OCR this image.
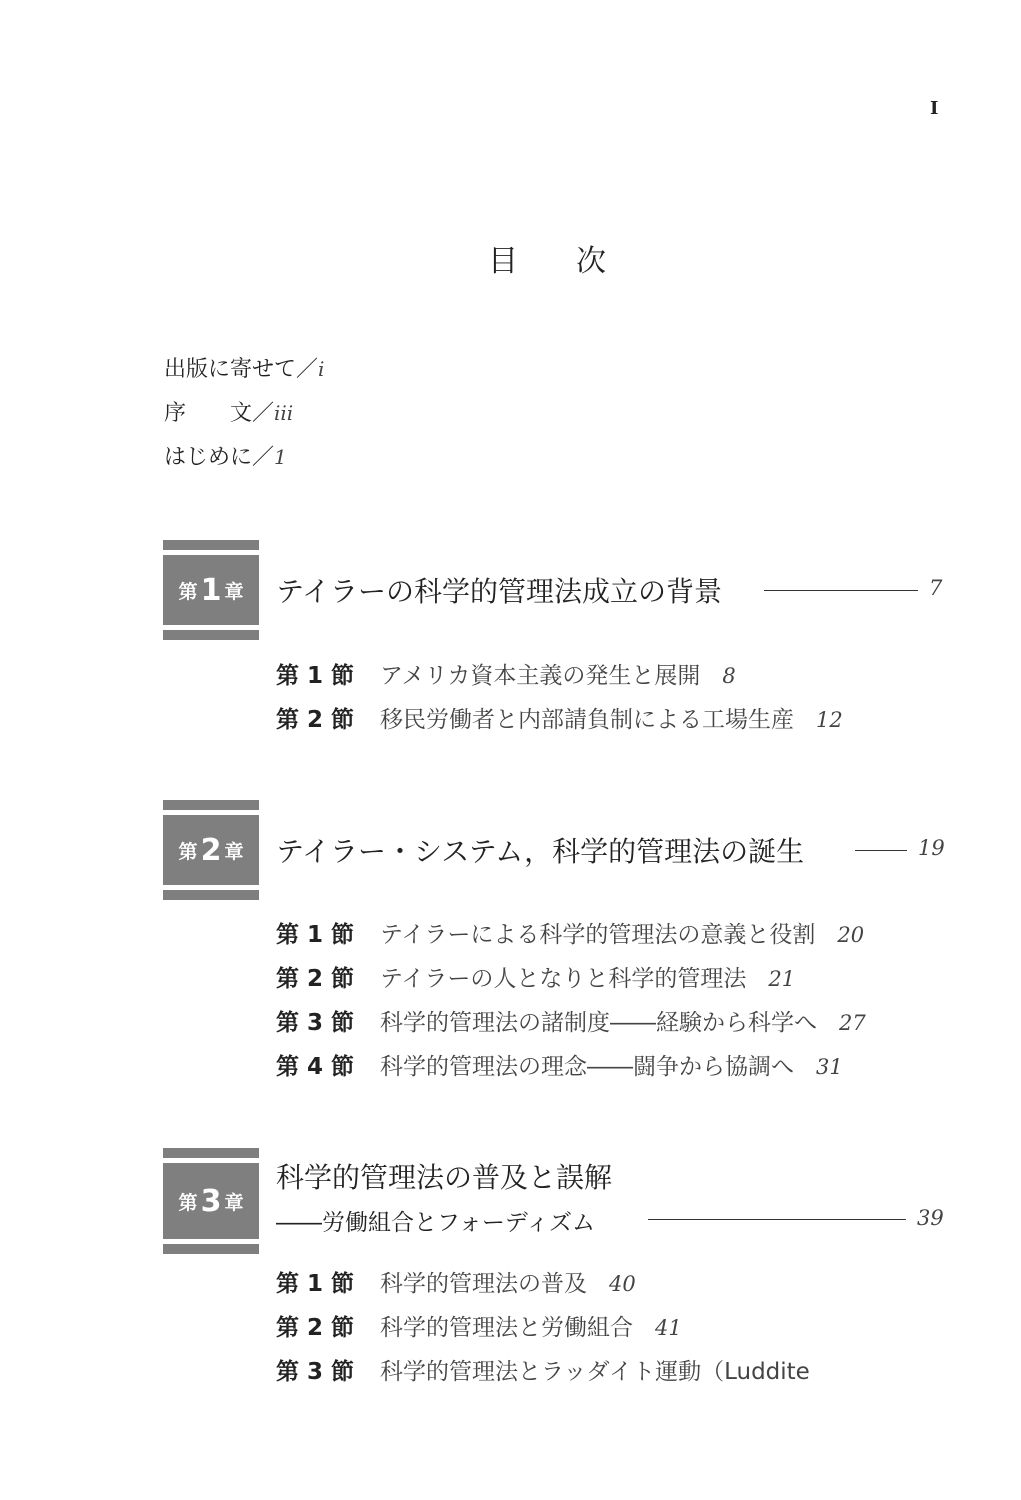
I
目次
出版に寄せて／i
序　　文／iii
はじめに／1
第 1 章 テイラーの科学的管理法成立の背景	7
第 1 節 アメリカ資本主義の発生と展開 8
第 2 節 移民労働者と内部請負制による工場生産 12
第 2 章 テイラー・システム，科学的管理法の誕生	19
第 1 節 テイラーによる科学的管理法の意義と役割 20
第 2 節 テイラーの人となりと科学的管理法 21
第 3 節 科学的管理法の諸制度――経験から科学へ 27
第 4 節 科学的管理法の理念――闘争から協調へ 31
第 3 章
科学的管理法の普及と誤解
――労働組合とフォーディズム	39
第 1 節 科学的管理法の普及 40
第 2 節 科学的管理法と労働組合 41
第 3 節 科学的管理法とラッダイト運動（Luddite
